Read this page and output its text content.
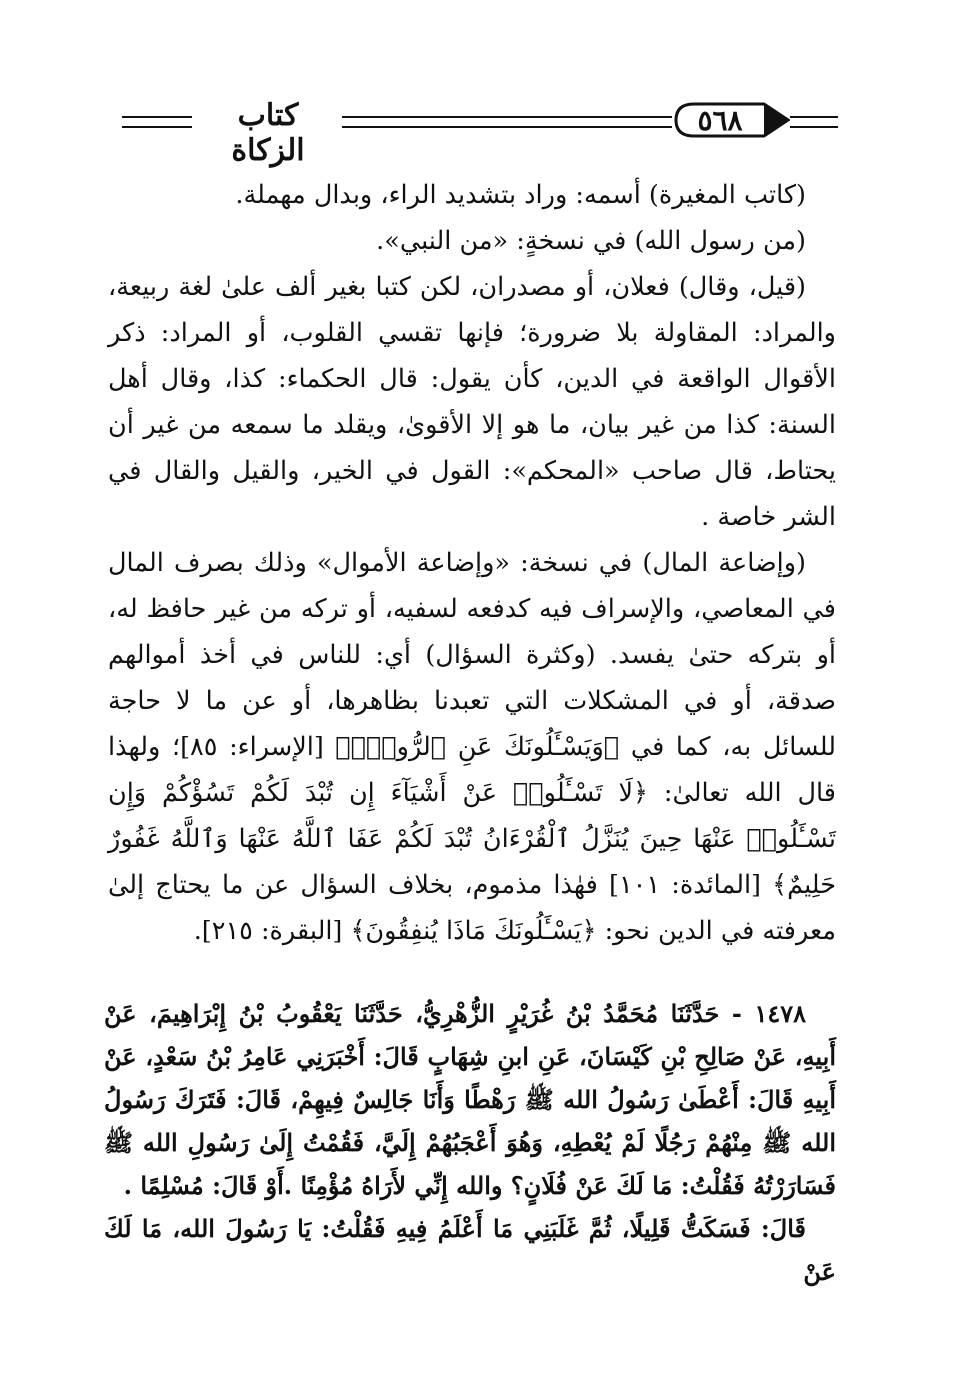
كتاب الزكاة
٥٦٨

(كاتب المغيرة) أسمه: وراد بتشديد الراء، وبدال مهملة.

(من رسول الله) في نسخةٍ: «من النبي».

(قيل، وقال) فعلان، أو مصدران، لكن كتبا بغير ألف علىٰ لغة ربيعة، والمراد: المقاولة بلا ضرورة؛ فإنها تقسي القلوب، أو المراد: ذكر الأقوال الواقعة في الدين، كأن يقول: قال الحكماء: كذا، وقال أهل السنة: كذا من غير بيان، ما هو إلا الأقوىٰ، ويقلد ما سمعه من غير أن يحتاط، قال صاحب «المحكم»: القول في الخير، والقيل والقال في الشر خاصة .

(وإضاعة المال) في نسخة: «وإضاعة الأموال» وذلك بصرف المال في المعاصي، والإسراف فيه كدفعه لسفيه، أو تركه من غير حافظ له، أو بتركه حتىٰ يفسد. (وكثرة السؤال) أي: للناس في أخذ أموالهم صدقة، أو في المشكلات التي تعبدنا بظاهرها، أو عن ما لا حاجة للسائل به، كما في ﴿وَيَسْـَٔلُونَكَ عَنِ ٱلرُّوحِۖ﴾ [الإسراء: ٨٥]؛ ولهذا قال الله تعالىٰ: ﴿لَا تَسْـَٔلُوا۟ عَنْ أَشْيَآءَ إِن تُبْدَ لَكُمْ تَسُؤْكُمْ وَإِن تَسْـَٔلُوا۟ عَنْهَا حِينَ يُنَزَّلُ ٱلْقُرْءَانُ تُبْدَ لَكُمْ عَفَا ٱللَّهُ عَنْهَا وَٱللَّهُ غَفُورٌ حَلِيمٌ﴾ [المائدة: ١٠١] فهٰذا مذموم، بخلاف السؤال عن ما يحتاج إلىٰ معرفته في الدين نحو: ﴿يَسْـَٔلُونَكَ مَاذَا يُنفِقُونَ﴾ [البقرة: ٢١٥].

١٤٧٨ - حَدَّثَنَا مُحَمَّدُ بْنُ غُرَيْرٍ الزُّهْرِيُّ، حَدَّثَنَا يَعْقُوبُ بْنُ إِبْرَاهِيمَ، عَنْ أَبِيهِ، عَنْ صَالِحِ بْنِ كَيْسَانَ، عَنِ ابنِ شِهَابٍ قَالَ: أَخْبَرَنِي عَامِرُ بْنُ سَعْدٍ، عَنْ أَبِيهِ قَالَ: أَعْطَىٰ رَسُولُ الله ﷺ رَهْطًا وَأَنَا جَالِسٌ فِيهِمْ، قَالَ: فَتَرَكَ رَسُولُ الله ﷺ مِنْهُمْ رَجُلًا لَمْ يُعْطِهِ، وَهُوَ أَعْجَبُهُمْ إِلَيَّ، فَقُمْتُ إِلَىٰ رَسُولِ الله ﷺ فَسَارَرْتُهُ فَقُلْتُ: مَا لَكَ عَنْ فُلَانٍ؟ والله إِنِّي لأَرَاهُ مُؤْمِنًا .أَوْ قَالَ: مُسْلِمًا .

قَالَ: فَسَكَتُّ قَلِيلًا، ثُمَّ غَلَبَنِي مَا أَعْلَمُ فِيهِ فَقُلْتُ: يَا رَسُولَ الله، مَا لَكَ عَنْ
